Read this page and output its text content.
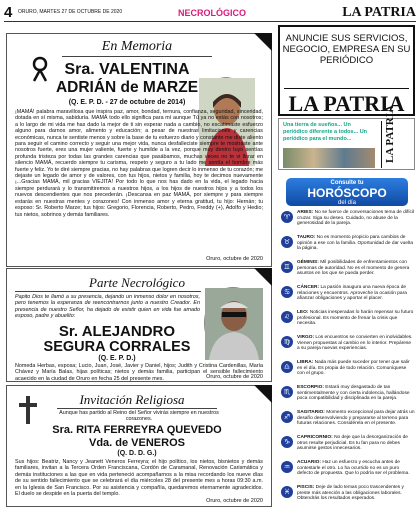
4 ORURO, MARTES 27 DE OCTUBRE DE 2020	NECROLÓGICO	LA PATRIA
En Memoria
Sra. VALENTINA
ADRIÁN de MARZE
(Q. E. P. D. - 27 de octubre de 2014)
¡MAMÁ! palabra maravillosa que inspira paz, amor, bondad, ternura, confianza, seguridad, sinceridad, dotada en sí misma, sabiduría. MAMÁ todo ello significa para mí aunque Tú ya no estás con nosotros; a lo largo de mi vida me has dado la mejor de ti sin esperar nada a cambio, no escatimaste esfuerzo alguno para darnos amor, alimento y educación; a pesar de nuestras limitaciones y carencias económicas, nunca te sentiste menos y sobre la base de tu esfuerzo diario y constante me diste aliento para seguir el camino correcto y seguir una mejor vida, nunca desfalleciste siempre te mostraste ante nosotros fuerte, eres una mujer valiente, fuerte y humilde a la vez, porque muy dentro tuyo sentías profunda tristeza por todas las grandes carencias que pasábamos, muchas veces no te vi llorar en silencio MAMÁ, recuerdo siempre tu carisma, respeto y seguro a tu lado me sentía el hombre más fuerte y feliz. Yo te diré siempre gracias, no hay palabras que logren decir lo inmenso de tu corazón; me dejaste un legado de amor y de valores, con tus hijos, nietos y familia, hoy te decimos nuevamente ¡...Gracias MAMÁ, mil gracias VIEJITA! Por todo lo que nos has dado en la vida, el legado hacia siempre perdurará y lo transmitiremos a nuestros hijos, a los hijos de nuestros hijos y a todos los nuevos descendientes que nos precederán. ¡Descansa en paz MAMÁ, por siempre y para siempre estarás en nuestras mentes y corazones! Con inmenso amor y eterna gratitud, tu hijo: Hernán; tu esposo: Sr. Roberto Marze; tus hijos: Gregorio, Florencia, Roberto, Pedro, Freddy (+), Adolfo y Hedio; tus nietos, sobrinos y demás familiares.
Oruro, octubre de 2020
Parte Necrológico
Papito Dios te llamó a su presencia, dejando un inmenso dolor en nosotros, pero tenemos la esperanza de reencontrarnos junto a nuestro Creador. En presencia de nuestro Señor, ha dejado de existir quien en vida fue amado esposo, padre y abuelito:
Sr. ALEJANDRO
SEGURA CORRALES
(Q. E. P. D.)
Nomeda Herbas, esposa; Lucio, Juan, José, Javier y Daniel, hijos; Judith y Cristina Cardenillas, María Chávez y María Balas, hijas políticas; nietos y demás familia, participan el sensible fallecimiento acaecido en la ciudad de Oruro en fecha 25 del presente mes.	Oruro, octubre de 2020
Invitación Religiosa
Aunque has partido al Reino del Señor vivirás siempre en nuestros corazones.
Sra. RITA FERREYRA QUEVEDO
Vda. de VENEROS
(Q. D. D. G.)
Sus hijos: Beatriz, Nancy y Jeanett Veneros Ferreyra; el hijo político, los nietos, bisnietos y demás familiares, invitan a la Tercera Orden Franciscana, Cordón de Caramanal, Renovación Carismática y demás instituciones a las que en vida perteneció acompañarnos a la misa recordando los nueve días de su sentido fallecimiento que se celebrará el día miércoles 28 del presente mes a horas 09:30 a.m. en la Iglesia de San Francisco. Por su asistencia y compañía, quedaremos eternamente agradecidos. El duelo se despide en la puerta del templo.
Oruro, octubre de 2020
ANUNCIE SUS SERVICIOS, NEGOCIO, EMPRESA EN SU PERIÓDICO
LA PATRIA
Una tierra de sueños... Un periódico diferente a todos... Un periódico para el mundo...	LA PATRIA
Consulte tu
HORÓSCOPO
del día
♈
ARIES: No se fuerce de conversaciones tema de difícil cruzar. Siga su deseo. Cuidado, no abuse de la generosidad de la pareja.
♉
TAURO: No es momento propicio para cambios de opinión a ese con la familia. Oportunidad de dar vuelta la página.
♊
GÉMINIS: Mil posibilidades de enfrentamientos con personas de autoridad. No es el momento de genera asuntos en los que se pueda perder.
♋
CÁNCER: La pasión inaugura una nueva época de relaciones y encuentros. Aproveche la ocasión para afianzar obligaciones y aportar el placer.
♌
LEO: Noticias inesperadas lo harán repensar su futuro profesional. Es momento de frenar la crisis que necesita.
♍
VIRGO: Los encuentros se convierten en inolvidables. Vienen propuestas al cambio en lo interior. Prepárese a su pareja nuevas experiencias.
♎
LIBRA: Nada más puede suceder por tener que salir en el día. Es propia de todo relación. Comuníquese con el grupo.
♏
ESCORPIO: Estará muy desgastado de tan sentimentalmente y con cierta indolencia, hallándose poca compatibilidad y disciplinada en la pareja.
♐
SAGITARIO: Momento excepcional para dejar atrás un desafío desenvolviendo y prepararse al terreno para futuras relaciones. Considérela en el presente.
♑
CAPRICORNIO: No deje que la desorganización de otros resulte perjudicial. Es tu fan para no debes asumirse gestos innecesarios.
♒
ACUARIO: Haz un esfuerzo y escucha antes de contestarle el otro. Lo ha ocurrido no es un puro defecto de propuesta. Que lo podría ser el problema.
♓
PISCIS: Deje de lado temas poco trascendentes y preste más atención a las obligaciones laborales. Obtendrás los resultados esperados.
